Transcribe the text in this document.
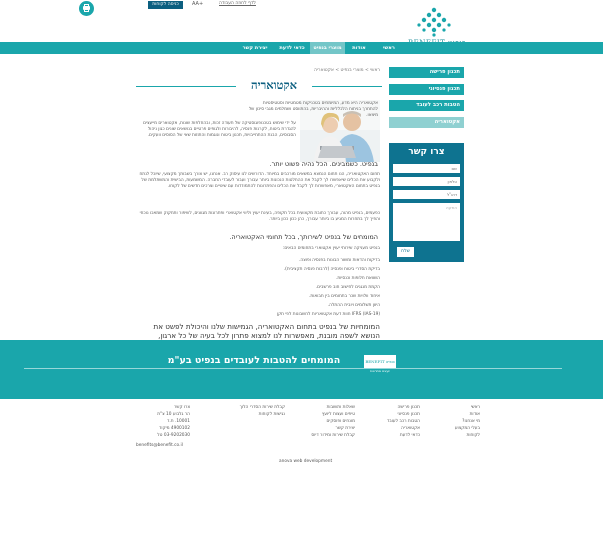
כניסה לקוחות	AA+	לדף לחוזה העבודה
ראשי
אודות
מוצרי בנפיט
כדאי לדעת
יצירת קשר
ראשי > מוצרי בנפיט > אקטואריה
אקטואריה
אקטואריה היא מדע, המיומחים בטכניקות מטמטיות וסטטיסטיות להתחרך בניתוח הלכלליות וההיבריות, בהתווסט ושמלמים מגבי סיכון של מיצאו.
על ידי שימוש בטכנופוגוסטיקה של תעודה זכות, ובהחלפות שונות, אקטוארים מייעצים להגדרת ביטוח, לקרנות פנסיה, להיבורות ולגופים פרטיים בנושאים שונים כגון ניהול הסבוסים, הבנת ההתחייבויות, תכנון ביטוח ונוגמות והתוזות שאי של הסוסים וועקים.
בנפיט. כשמבינים. הכל נהיה פשוט יותר.
תחום האקטואריה, הנו תחום הנמצא במשאים מורכבים במיוחד. הדורשים לנו עיסוק רב. אנחנו, יש צורך בשבותך מקצועי, שיוכל לנתח ולקבוע את הכלים שיאפשרו לך לקבל את ההחלטות הנכונות ביותר עבורך ועבור לעובדי החברה. המשמעות, הבישית והמשתלמת של בנפיט בתחום האקטוארי, מאפשרות לך לקבל את הכלים והפתרונות להתמודדות עם שינויים וצרכים חדשים של לקוחו.
כפעמים, בנפיט מהוה, עבורך כתובת מקצועית בכל תקופה, בעינת יעוץ וליווי אקטוארי ופתרונות מגוונים, לשיפור ותחקוק שמאכו נוכחי והפיך לך בתחרות המגיע בו ביותר עבורך, כהן ככון ככון ביותר.
המומחים של בנפיט לשירותך, בכל תחומי האקטואריה.
בנפיט מעניקה שירותי יעוץ אקטוארי בתחומים הבאים:
בדיקות והדאות ומשור הבונות בפנסיה ופוצה.
בדיקת הסדרי ביטוח ופנסיה (לרבות פנסיה תקציבית).
השוואת חלופות וכנסיות.
הקמת מנגנים לחישוב חוב פרשבים.
איחוד וולויות שכר בתחומים בין תבואות.
היוון תשלומים ויובית ההתלה.
IFRS (IAS-19) חוות דעת אקטואריות לחשבונות לפי תקן
המומחיות של בנפיט בתחום האקטואריה, הגמישות שלנו והיכולת לפשט את הנושא לשפה מובנת, מאפשרות לנו למצוא פתרון לכל בעיה של כל ארגון,
תכנון פרישה
תכנון פנסיוני
הטבות רכב לעובד
אקטואריה
צרו קשר
שם
טלפון
דוא"ל
הודעה
שלח
המומחים להטבות לעובדים בנפיט בע"מ	BENEFIT בנפיט
יועצים ופתרונות
ראשי
אודות
מי אנחנו?
בעלי המקצוע
לקוחות
תכנון פרישה
תכנון פנסיוני
הטבות רכב לעובד
אקטואריה
כדאי לדעת
שאלות ותשובות
טיפים ועצות ליועץ
מונחים ופוסקים
יצירת קשר
קבלת שירות ומידור דיוס
קבלת שירות הסדרי הלוך
נגישות לקוחות
צרו קשר
הר גלבוע 10 צ"ת
10001. ת.ד
4900102 מיקוד
03-9202030 טל
benefits@benefit.co.il
anova web development
